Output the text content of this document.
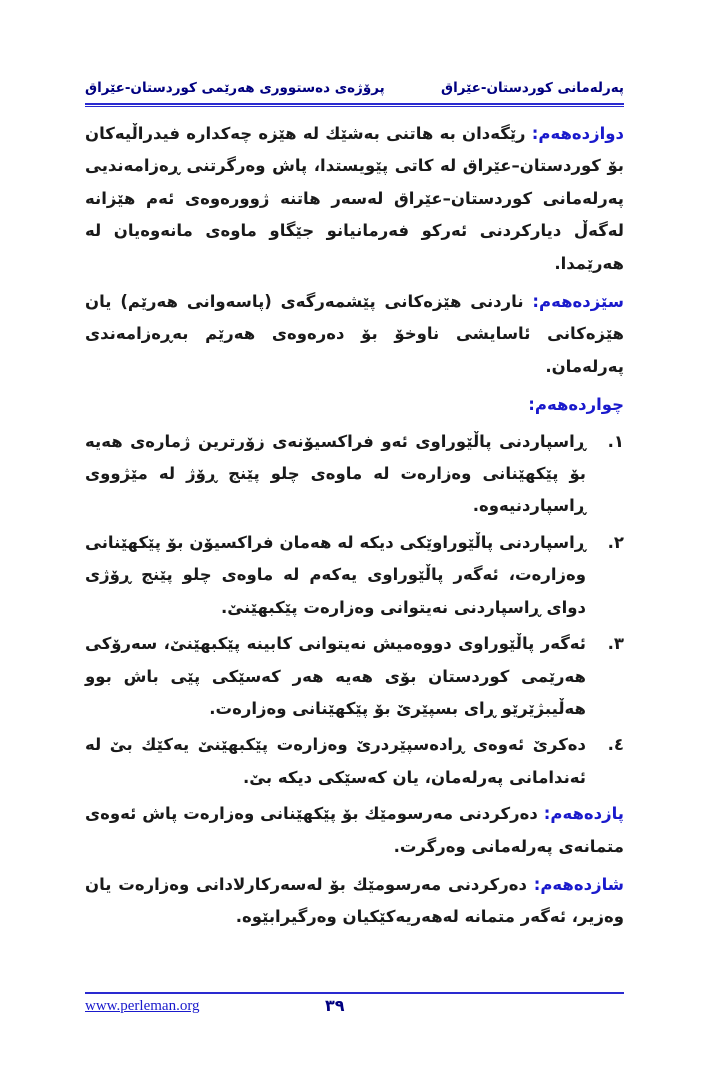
پەرلەمانی کوردستان-عێراق
پرۆژەی دەستووری هەرێمی کوردستان-عێراق

دوازدەهەم: رێگەدان بە هاتنی بەشێك لە هێزە چەكدارە فیدراڵیەكان بۆ كوردستان–عێراق لە كاتی پێویستدا، پاش وەرگرتنی ڕەزامەندیی پەرلەمانی كوردستان–عێراق لەسەر هاتنە ژوورەوەی ئەم هێزانە لەگەڵ دیاركردنی ئەركو فەرمانیانو جێگاو ماوەی مانەوەیان لە هەرێمدا.

سێزدەهەم: ناردنی هێزەكانی پێشمەرگەی (پاسەوانی هەرێم) یان هێزەكانی ئاسایشی ناوخۆ بۆ دەرەوەی هەرێم بەڕەزامەندی پەرلەمان.

چواردەهەم:

١.
ڕاسپاردنی پاڵێوراوی ئەو فراكسیۆنەی زۆرترین ژمارەی هەیە بۆ پێكهێنانی وەزارەت لە ماوەی چلو پێنج ڕۆژ لە مێژووی ڕاسپاردنیەوە.
٢.
ڕاسپاردنی پاڵێوراوێكی دیكە لە هەمان فراكسیۆن بۆ پێكهێنانی وەزارەت، ئەگەر پاڵێوراوی یەكەم لە ماوەی چلو پێنج ڕۆژی دوای ڕاسپاردنی نەیتوانی وەزارەت پێكبهێنێ.
٣.
ئەگەر پاڵێوراوی دووەمیش نەیتوانی كابینە پێكبهێنێ، سەرۆكی هەرێمی كوردستان بۆی هەیە هەر كەسێكی پێی باش بوو هەڵیبژێرێو ڕای بسپێرێ بۆ پێكهێنانی وەزارەت.
٤.
دەكرێ ئەوەی ڕادەسپێردرێ وەزارەت پێكبهێنێ یەكێك بێ لە ئەندامانی پەرلەمان، یان كەسێكی دیكە بێ.

پازدەهەم: دەركردنی مەرسومێك بۆ پێكهێنانی وەزارەت پاش ئەوەی متمانەی پەرلەمانی وەرگرت.

شازدەهەم: دەركردنی مەرسومێك بۆ لەسەركارلادانی وەزارەت یان وەزیر، ئەگەر متمانە لەهەریەكێكیان وەرگیرابێوە.

www.perleman.org	٣٩
